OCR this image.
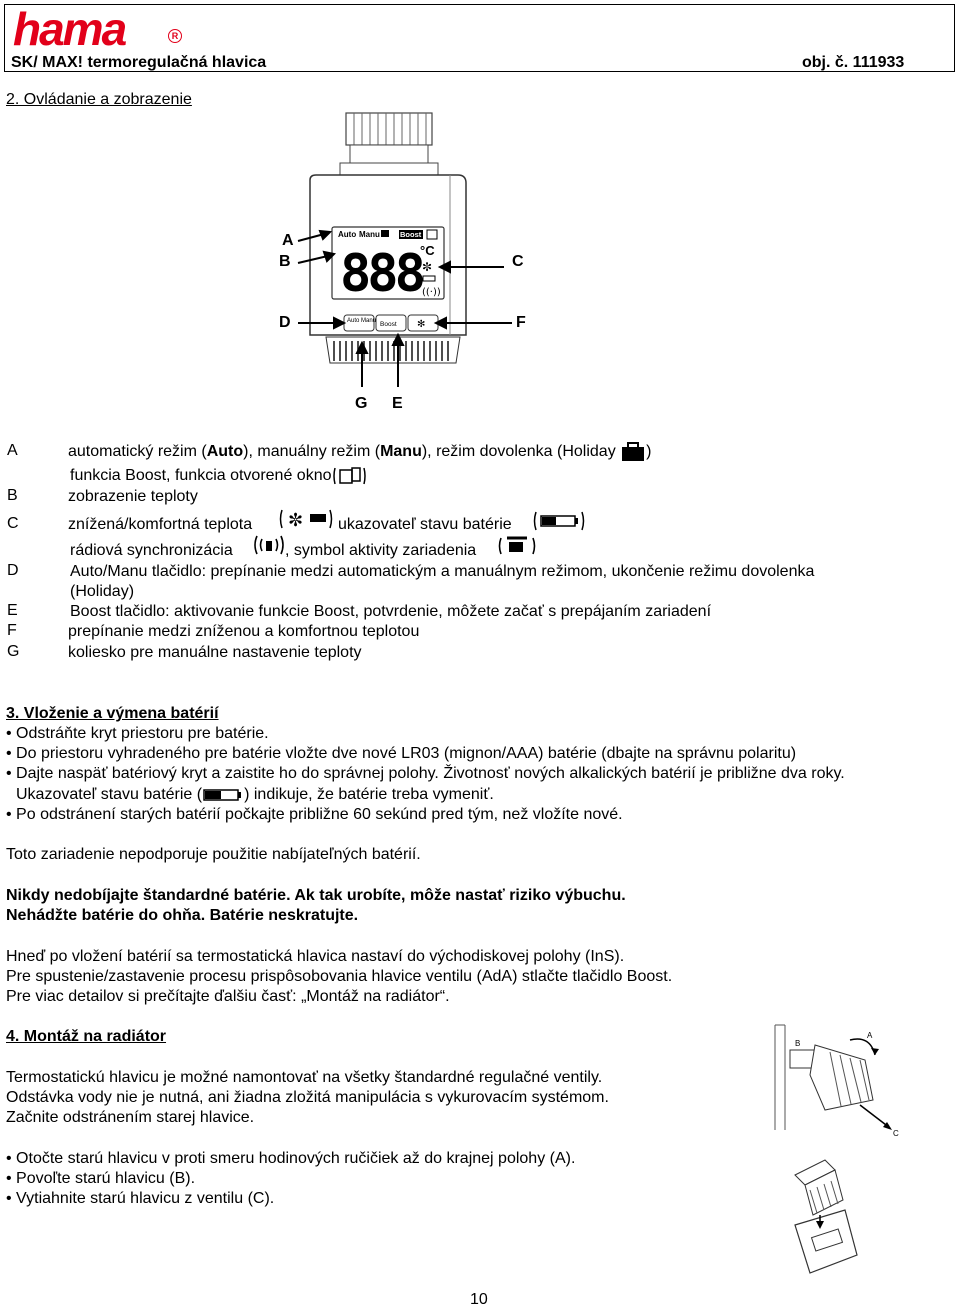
hama	R
SK/ MAX! termoregulačná hlavica	obj. č. 111933
2. Ovládanie a zobrazenie
Auto Manu	Boost
888
°C
✼
((·))
Auto Manu Boost ✻
A
B	C
D	F
G E
A	automatický režim (Auto), manuálny režim (Manu), režim dovolenka (Holiday )
funkcia Boost, funkcia otvorené okno
B	zobrazenie teploty
C	znížená/komfortná teplota ✼ ukazovateľ stavu batérie
rádiová synchronizácia	, symbol aktivity zariadenia
D	Auto/Manu tlačidlo: prepínanie medzi automatickým a manuálnym režimom, ukončenie režimu dovolenka
(Holiday)
E	Boost tlačidlo: aktivovanie funkcie Boost, potvrdenie, môžete začať s prepájaním zariadení
F	prepínanie medzi zníženou a komfortnou teplotou
G	koliesko pre manuálne nastavenie teploty
3. Vloženie a výmena batérií
• Odstráňte kryt priestoru pre batérie.
• Do priestoru vyhradeného pre batérie vložte dve nové LR03 (mignon/AAA) batérie (dbajte na správnu polaritu)
• Dajte naspäť batériový kryt a zaistite ho do správnej polohy. Životnosť nových alkalických batérií je približne dva roky.
Ukazovateľ stavu batérie (	) indikuje, že batérie treba vymeniť.
• Po odstránení starých batérií počkajte približne 60 sekúnd pred tým, než vložíte nové.
Toto zariadenie nepodporuje použitie nabíjateľných batérií.
Nikdy nedobíjajte štandardné batérie. Ak tak urobíte, môže nastať riziko výbuchu.
Nehádžte batérie do ohňa. Batérie neskratujte.
Hneď po vložení batérií sa termostatická hlavica nastaví do východiskovej polohy (InS).
Pre spustenie/zastavenie procesu prispôsobovania hlavice ventilu (AdA) stlačte tlačidlo Boost.
Pre viac detailov si prečítajte ďalšiu časť: „Montáž na radiátor“.
4. Montáž na radiátor
Termostatickú hlavicu je možné namontovať na všetky štandardné regulačné ventily.
Odstávka vody nie je nutná, ani žiadna zložitá manipulácia s vykurovacím systémom.
Začnite odstránením starej hlavice.
• Otočte starú hlavicu v proti smeru hodinových ručičiek až do krajnej polohy (A).
• Povoľte starú hlavicu (B).
• Vytiahnite starú hlavicu z ventilu (C).
A
B
C
10
